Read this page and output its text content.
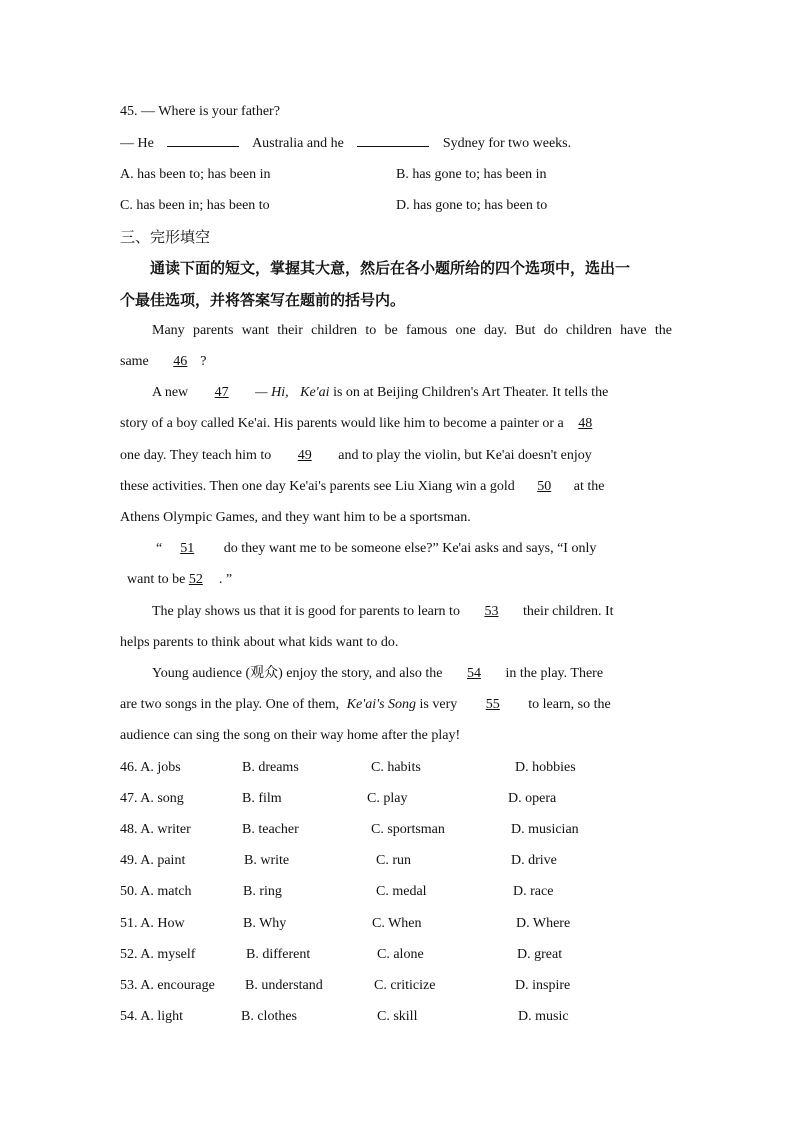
45. — Where is your father?
— He	Australia and he	Sydney for two weeks.
A. has been to; has been in	B. has gone to; has been in
C. has been in; has been to	D. has gone to; has been to
三、完形填空
通读下面的短文，掌握其大意，然后在各小题所给的四个选项中，选出一
个最佳选项，并将答案写在题前的括号内。
Many parents want their children to be famous one day. But do children have the
same 46 ?
A new 47 — Hi, Ke'ai is on at Beijing Children's Art Theater. It tells the
story of a boy called Ke'ai. His parents would like him to become a painter or a 48
one day. They teach him to 49 and to play the violin, but Ke'ai doesn't enjoy
these activities. Then one day Ke'ai's parents see Liu Xiang win a gold 50 at the
Athens Olympic Games, and they want him to be a sportsman.
“ 51 do they want me to be someone else?” Ke'ai asks and says, “I only
want to be 52 . ”
The play shows us that it is good for parents to learn to 53 their children. It
helps parents to think about what kids want to do.
Young audience (观众) enjoy the story, and also the 54 in the play. There
are two songs in the play. One of them, Ke'ai's Song is very 55 to learn, so the
audience can sing the song on their way home after the play!
46. A. jobs	B. dreams	C. habits	D. hobbies
47. A. song	B. film	C. play	D. opera
48. A. writer	B. teacher	C. sportsman	D. musician
49. A. paint	B. write	C. run	D. drive
50. A. match	B. ring	C. medal	D. race
51. A. How	B. Why	C. When	D. Where
52. A. myself	B. different	C. alone	D. great
53. A. encourage B. understand	C. criticize	D. inspire
54. A. light	B. clothes	C. skill	D. music
